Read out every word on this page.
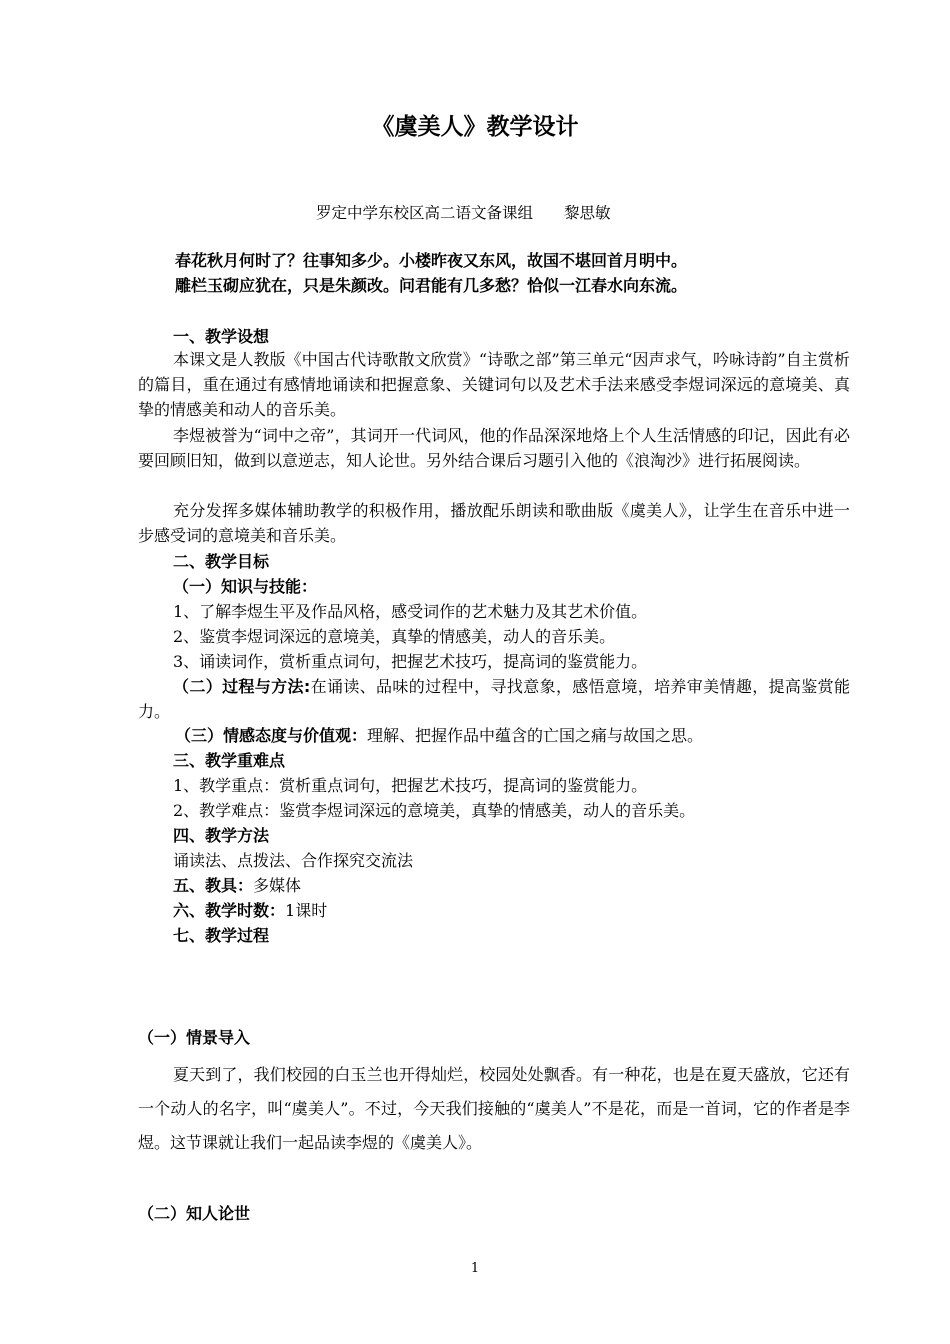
《虞美人》教学设计

罗定中学东校区高二语文备课组　　黎思敏

春花秋月何时了？往事知多少。小楼昨夜又东风，故国不堪回首月明中。

雕栏玉砌应犹在，只是朱颜改。问君能有几多愁？恰似一江春水向东流。

一、教学设想

本课文是人教版《中国古代诗歌散文欣赏》“诗歌之部”第三单元“因声求气，吟咏诗韵”自主赏析的篇目，重在通过有感情地诵读和把握意象、关键词句以及艺术手法来感受李煜词深远的意境美、真挚的情感美和动人的音乐美。

李煜被誉为“词中之帝”，其词开一代词风，他的作品深深地烙上个人生活情感的印记，因此有必要回顾旧知，做到以意逆志，知人论世。另外结合课后习题引入他的《浪淘沙》进行拓展阅读。

充分发挥多媒体辅助教学的积极作用，播放配乐朗读和歌曲版《虞美人》，让学生在音乐中进一步感受词的意境美和音乐美。

二、教学目标

（一）知识与技能：

1、了解李煜生平及作品风格，感受词作的艺术魅力及其艺术价值。

2、鉴赏李煜词深远的意境美，真挚的情感美，动人的音乐美。

3、诵读词作，赏析重点词句，把握艺术技巧，提高词的鉴赏能力。

（二）过程与方法:在诵读、品味的过程中，寻找意象，感悟意境，培养审美情趣，提高鉴赏能力。

（三）情感态度与价值观：理解、把握作品中蕴含的亡国之痛与故国之思。

三、教学重难点

1、教学重点：赏析重点词句，把握艺术技巧，提高词的鉴赏能力。

2、教学难点：鉴赏李煜词深远的意境美，真挚的情感美，动人的音乐美。

四、教学方法

诵读法、点拨法、合作探究交流法

五、教具：多媒体

六、教学时数：1课时

七、教学过程

（一）情景导入

夏天到了，我们校园的白玉兰也开得灿烂，校园处处飘香。有一种花，也是在夏天盛放，它还有一个动人的名字，叫“虞美人”。不过，今天我们接触的“虞美人”不是花，而是一首词，它的作者是李煜。这节课就让我们一起品读李煜的《虞美人》。

（二）知人论世

1
